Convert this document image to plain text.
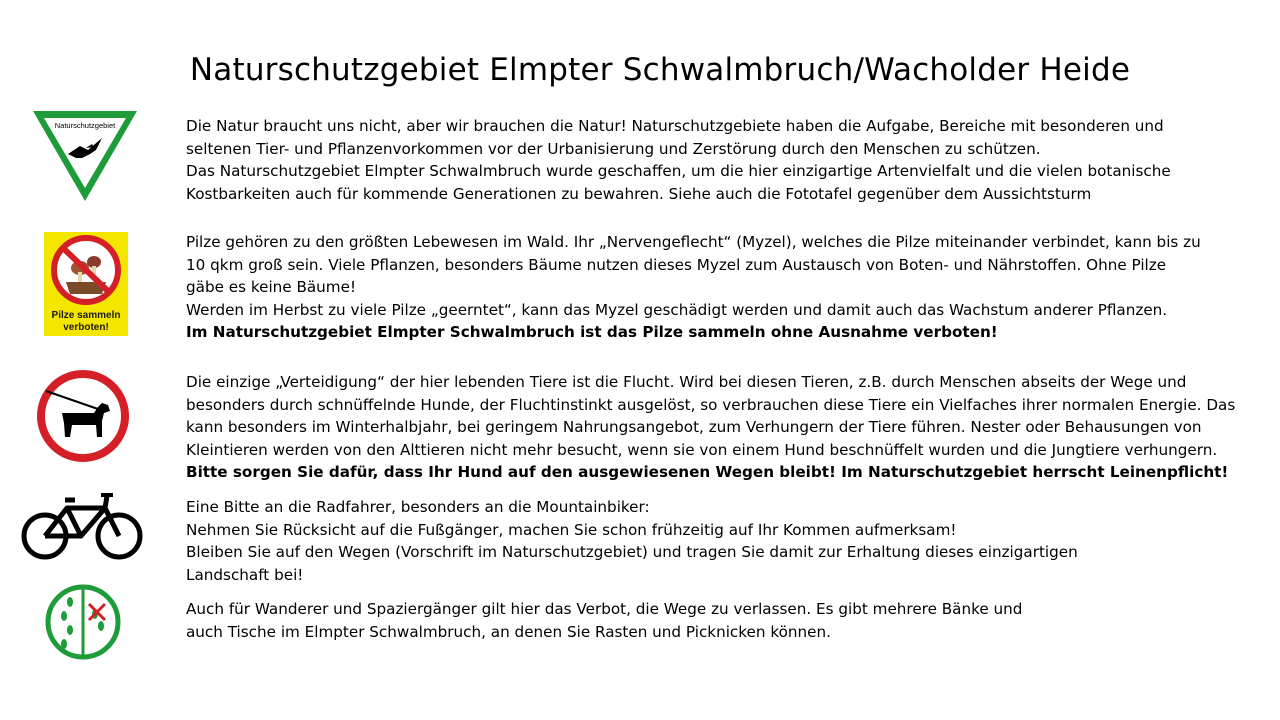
Naturschutzgebiet Elmpter Schwalmbruch/Wacholder Heide
Naturschutzgebiet
Pilze sammeln
verboten!

Die Natur braucht uns nicht, aber wir brauchen die Natur! Naturschutzgebiete haben die Aufgabe, Bereiche mit besonderen und

seltenen Tier- und Pflanzenvorkommen vor der Urbanisierung und Zerstörung durch den Menschen zu schützen.

Das Naturschutzgebiet Elmpter Schwalmbruch wurde geschaffen, um die hier einzigartige Artenvielfalt und die vielen botanische

Kostbarkeiten auch für kommende Generationen zu bewahren. Siehe auch die Fototafel gegenüber dem Aussichtsturm

Pilze gehören zu den größten Lebewesen im Wald. Ihr „Nervengeflecht“ (Myzel), welches die Pilze miteinander verbindet, kann bis zu

10 qkm groß sein. Viele Pflanzen, besonders Bäume nutzen dieses Myzel zum Austausch von Boten- und Nährstoffen. Ohne Pilze

gäbe es keine Bäume!

Werden im Herbst zu viele Pilze „geerntet“, kann das Myzel geschädigt werden und damit auch das Wachstum anderer Pflanzen.

Im Naturschutzgebiet Elmpter Schwalmbruch ist das Pilze sammeln ohne Ausnahme verboten!

Die einzige „Verteidigung“ der hier lebenden Tiere ist die Flucht. Wird bei diesen Tieren, z.B. durch Menschen abseits der Wege und

besonders durch schnüffelnde Hunde, der Fluchtinstinkt ausgelöst, so verbrauchen diese Tiere ein Vielfaches ihrer normalen Energie. Das

kann besonders im Winterhalbjahr, bei geringem Nahrungsangebot, zum Verhungern der Tiere führen. Nester oder Behausungen von

Kleintieren werden von den Alttieren nicht mehr besucht, wenn sie von einem Hund beschnüffelt wurden und die Jungtiere verhungern.

Bitte sorgen Sie dafür, dass Ihr Hund auf den ausgewiesenen Wegen bleibt! Im Naturschutzgebiet herrscht Leinenpflicht!

Eine Bitte an die Radfahrer, besonders an die Mountainbiker:

Nehmen Sie Rücksicht auf die Fußgänger, machen Sie schon frühzeitig auf Ihr Kommen aufmerksam!

Bleiben Sie auf den Wegen (Vorschrift im Naturschutzgebiet) und tragen Sie damit zur Erhaltung dieses einzigartigen

Landschaft bei!

Auch für Wanderer und Spaziergänger gilt hier das Verbot, die Wege zu verlassen. Es gibt mehrere Bänke und

auch Tische im Elmpter Schwalmbruch, an denen Sie Rasten und Picknicken können.
